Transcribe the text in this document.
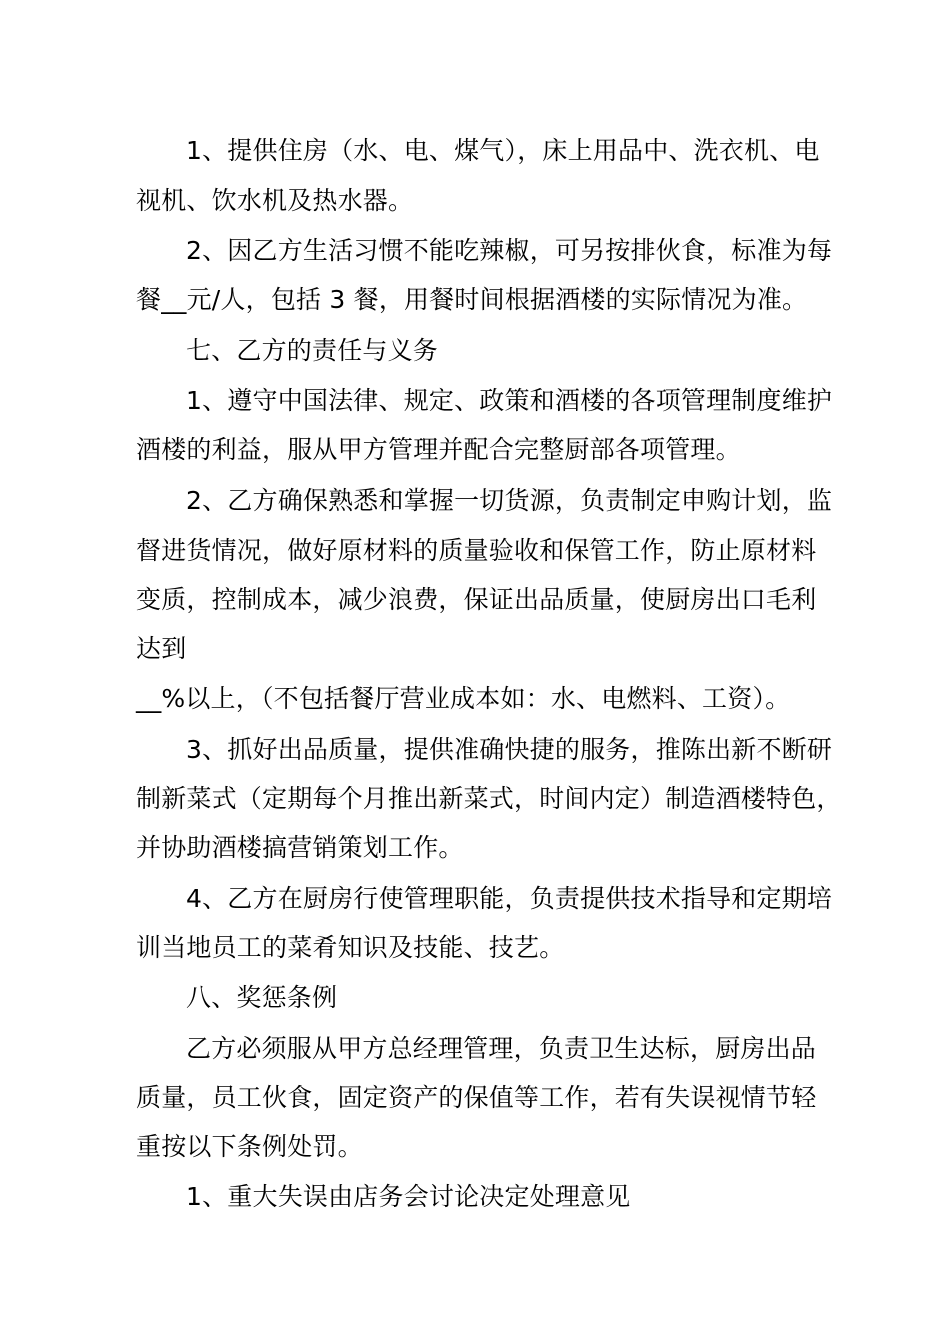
1、提供住房（水、电、煤气），床上用品中、洗衣机、电
视机、饮水机及热水器。
2、因乙方生活习惯不能吃辣椒，可另按排伙食，标准为每
餐__元/人，包括 3 餐，用餐时间根据酒楼的实际情况为准。
七、乙方的责任与义务
1、遵守中国法律、规定、政策和酒楼的各项管理制度维护
酒楼的利益，服从甲方管理并配合完整厨部各项管理。
2、乙方确保熟悉和掌握一切货源，负责制定申购计划，监
督进货情况，做好原材料的质量验收和保管工作，防止原材料
变质，控制成本，减少浪费，保证出品质量，使厨房出口毛利
达到
__%以上，（不包括餐厅营业成本如：水、电燃料、工资）。
3、抓好出品质量，提供准确快捷的服务，推陈出新不断研
制新菜式（定期每个月推出新菜式，时间内定）制造酒楼特色，
并协助酒楼搞营销策划工作。
4、乙方在厨房行使管理职能，负责提供技术指导和定期培
训当地员工的菜肴知识及技能、技艺。
八、奖惩条例
乙方必须服从甲方总经理管理，负责卫生达标，厨房出品
质量，员工伙食，固定资产的保值等工作，若有失误视情节轻
重按以下条例处罚。
1、重大失误由店务会讨论决定处理意见
